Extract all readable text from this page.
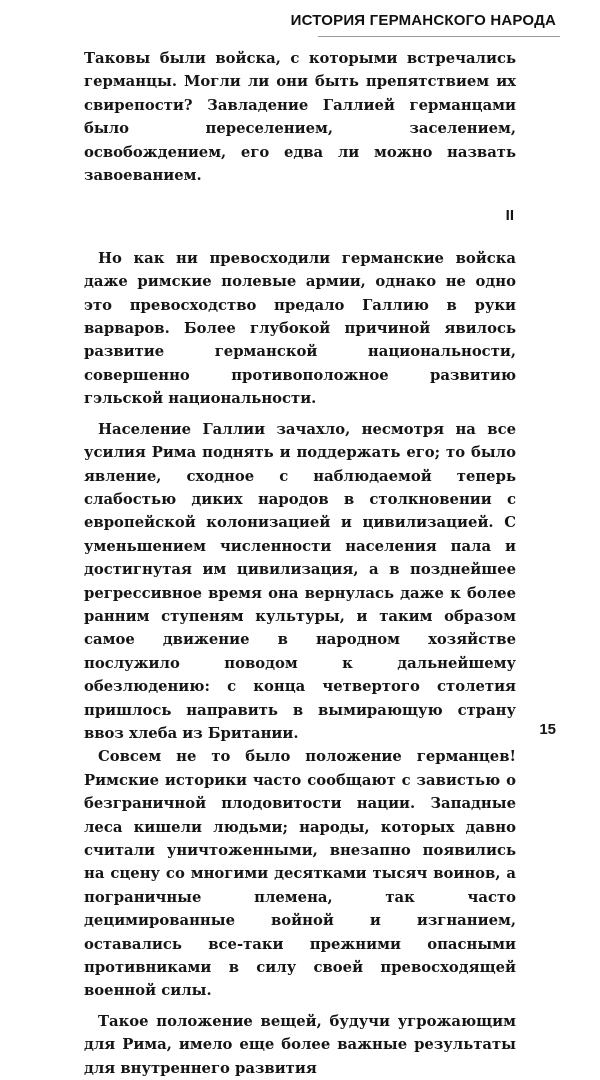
ИСТОРИЯ ГЕРМАНСКОГО НАРОДА

Таковы были войска, с которыми встречались германцы. Могли ли они быть препятствием их свирепости? Завладение Галлией германцами было переселением, заселением, освобождением, его едва ли можно назвать завоеванием.

II

Но как ни превосходили германские войска даже римские полевые армии, однако не одно это превосходство предало Галлию в руки варваров. Более глубокой причиной явилось развитие германской национальности, совершенно противоположное развитию гэльской национальности.

Население Галлии зачахло, несмотря на все усилия Рима поднять и поддержать его; то было явление, сходное с наблюдаемой теперь слабостью диких народов в столкновении с европейской колонизацией и цивилизацией. С уменьшением численности населения пала и достигнутая им цивилизация, а в позднейшее регрессивное время она вернулась даже к более ранним ступеням культуры, и таким образом самое движение в народном хозяйстве послужило поводом к дальнейшему обезлюдению: с конца четвертого столетия пришлось направить в вымирающую страну ввоз хлеба из Британии.

Совсем не то было положение германцев! Римские историки часто сообщают с завистью о безграничной плодовитости нации. Западные леса кишели людьми; народы, которых давно считали уничтоженными, внезапно появились на сцену со многими десятками тысяч воинов, а пограничные племена, так часто децимированные войной и изгнанием, оставались все-таки прежними опасными противниками в силу своей превосходящей военной силы.

Такое положение вещей, будучи угрожающим для Рима, имело еще более важные результаты для внутреннего развития

15
